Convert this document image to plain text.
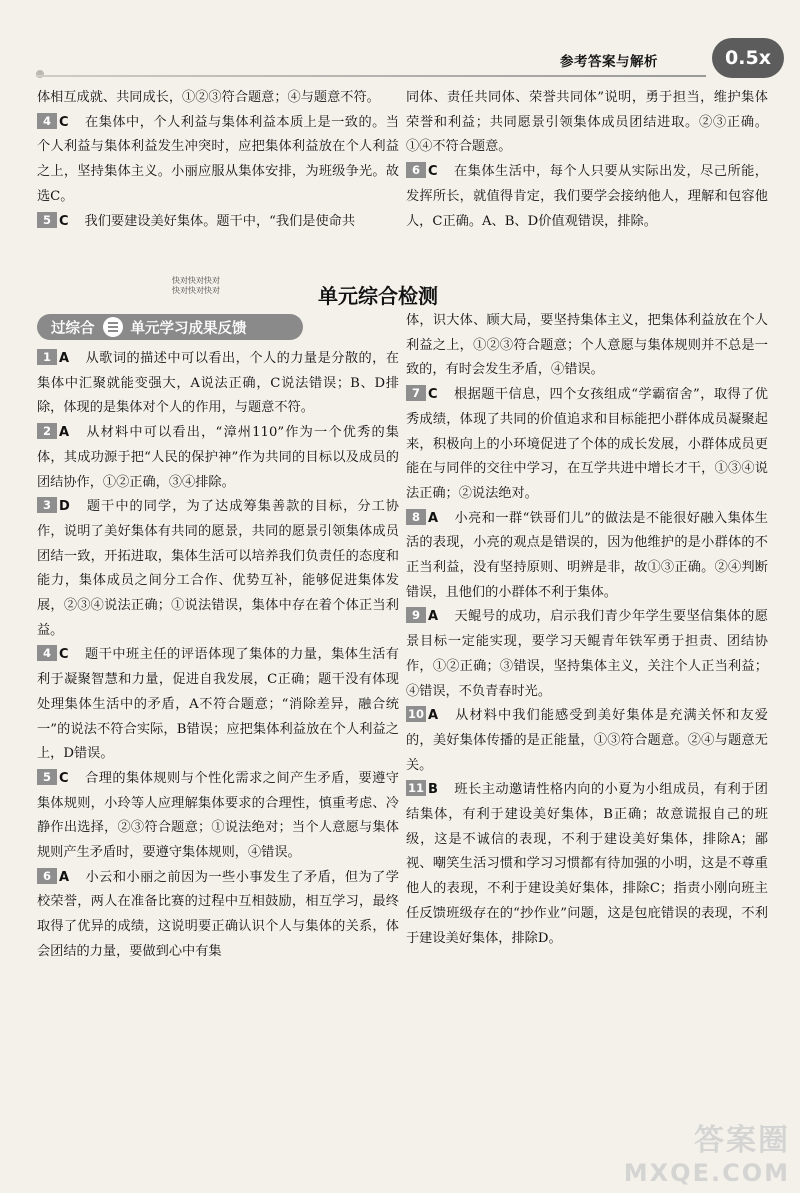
参考答案与解析	0.5x

体相互成就、共同成长，①②③符合题意；④与题意不符。

4 C 在集体中，个人利益与集体利益本质上是一致的。当个人利益与集体利益发生冲突时，应把集体利益放在个人利益之上，坚持集体主义。小丽应服从集体安排，为班级争光。故选C。

5 C 我们要建设美好集体。题干中，“我们是使命共

同体、责任共同体、荣誉共同体”说明，勇于担当，维护集体荣誉和利益；共同愿景引领集体成员团结进取。②③正确。①④不符合题意。

6 C 在集体生活中，每个人只要从实际出发，尽己所能，发挥所长，就值得肯定，我们要学会接纳他人，理解和包容他人，C正确。A、B、D价值观错误，排除。

快对快对快对
快对快对快对	单元综合检测
过综合 单元学习成果反馈

1 A 从歌词的描述中可以看出，个人的力量是分散的，在集体中汇聚就能变强大，A说法正确，C说法错误；B、D排除，体现的是集体对个人的作用，与题意不符。

2 A 从材料中可以看出，“漳州110”作为一个优秀的集体，其成功源于把“人民的保护神”作为共同的目标以及成员的团结协作，①②正确，③④排除。

3 D 题干中的同学，为了达成筹集善款的目标，分工协作，说明了美好集体有共同的愿景，共同的愿景引领集体成员团结一致，开拓进取，集体生活可以培养我们负责任的态度和能力，集体成员之间分工合作、优势互补，能够促进集体发展，②③④说法正确；①说法错误，集体中存在着个体正当利益。

4 C 题干中班主任的评语体现了集体的力量，集体生活有利于凝聚智慧和力量，促进自我发展，C正确；题干没有体现处理集体生活中的矛盾，A不符合题意；“消除差异，融合统一”的说法不符合实际，B错误；应把集体利益放在个人利益之上，D错误。

5 C 合理的集体规则与个性化需求之间产生矛盾，要遵守集体规则，小玲等人应理解集体要求的合理性，慎重考虑、冷静作出选择，②③符合题意；①说法绝对；当个人意愿与集体规则产生矛盾时，要遵守集体规则，④错误。

6 A 小云和小丽之前因为一些小事发生了矛盾，但为了学校荣誉，两人在准备比赛的过程中互相鼓励，相互学习，最终取得了优异的成绩，这说明要正确认识个人与集体的关系，体会团结的力量，要做到心中有集

体，识大体、顾大局，要坚持集体主义，把集体利益放在个人利益之上，①②③符合题意；个人意愿与集体规则并不总是一致的，有时会发生矛盾，④错误。

7 C 根据题干信息，四个女孩组成“学霸宿舍”，取得了优秀成绩，体现了共同的价值追求和目标能把小群体成员凝聚起来，积极向上的小环境促进了个体的成长发展，小群体成员更能在与同伴的交往中学习，在互学共进中增长才干，①③④说法正确；②说法绝对。

8 A 小亮和一群“铁哥们儿”的做法是不能很好融入集体生活的表现，小亮的观点是错误的，因为他维护的是小群体的不正当利益，没有坚持原则、明辨是非，故①③正确。②④判断错误，且他们的小群体不利于集体。

9 A 天鲲号的成功，启示我们青少年学生要坚信集体的愿景目标一定能实现，要学习天鲲青年铁军勇于担责、团结协作，①②正确；③错误，坚持集体主义，关注个人正当利益；④错误，不负青春时光。

10 A 从材料中我们能感受到美好集体是充满关怀和友爱的，美好集体传播的是正能量，①③符合题意。②④与题意无关。

11 B 班长主动邀请性格内向的小夏为小组成员，有利于团结集体，有利于建设美好集体，B正确；故意谎报自己的班级，这是不诚信的表现，不利于建设美好集体，排除A；鄙视、嘲笑生活习惯和学习习惯都有待加强的小明，这是不尊重他人的表现，不利于建设美好集体，排除C；指责小刚向班主任反馈班级存在的“抄作业”问题，这是包庇错误的表现，不利于建设美好集体，排除D。

答案圈
MXQE.COM
